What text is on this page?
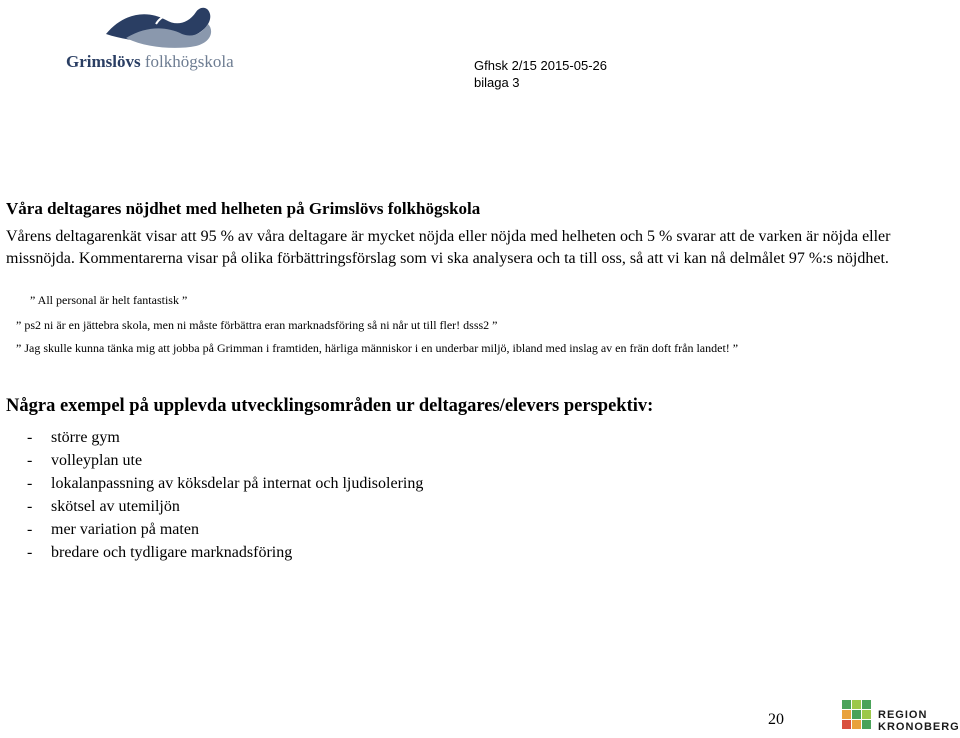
Grimslövs folkhögskola	Gfhsk 2/15 2015-05-26
bilaga 3
Våra deltagares nöjdhet med helheten på Grimslövs folkhögskola
Vårens deltagarenkät visar att 95 % av våra deltagare är mycket nöjda eller nöjda med helheten och 5 % svarar att de varken är nöjda eller missnöjda. Kommentarerna visar på olika förbättringsförslag som vi ska analysera och ta till oss, så att vi kan nå delmålet 97 %:s nöjdhet.
” All personal är helt fantastisk ”
” ps2 ni är en jättebra skola, men ni måste förbättra eran marknadsföring så ni når ut till fler! dsss2 ”
” Jag skulle kunna tänka mig att jobba på Grimman i framtiden, härliga människor i en underbar miljö, ibland med inslag av en frän doft från landet! ”
Några exempel på upplevda utvecklingsområden ur deltagares/elevers perspektiv:
- större gym
- volleyplan ute
- lokalanpassning av köksdelar på internat och ljudisolering
- skötsel av utemiljön
- mer variation på maten
- bredare och tydligare marknadsföring
20	REGION
KRONOBERG
